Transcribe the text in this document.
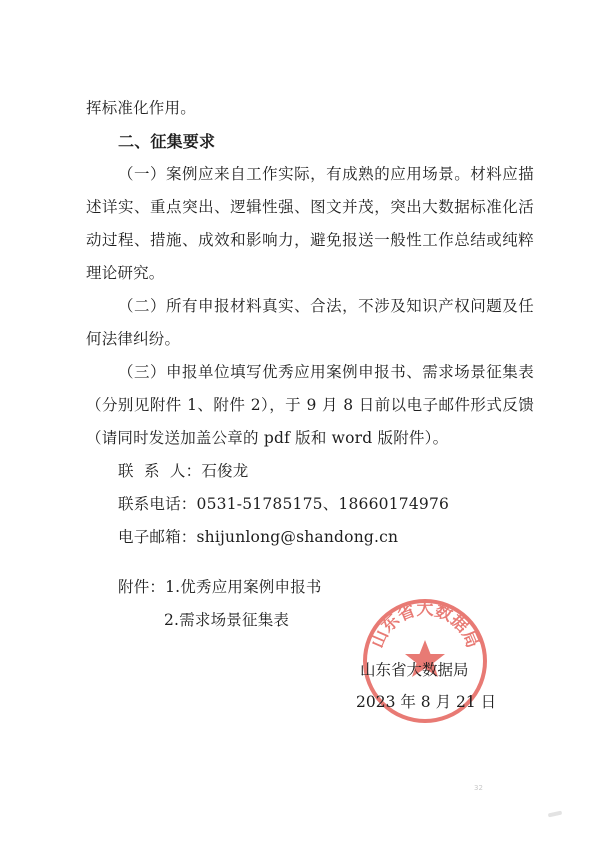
挥标准化作用。
二、征集要求
（一）案例应来自工作实际，有成熟的应用场景。材料应描
述详实、重点突出、逻辑性强、图文并茂，突出大数据标准化活
动过程、措施、成效和影响力，避免报送一般性工作总结或纯粹
理论研究。
（二）所有申报材料真实、合法，不涉及知识产权问题及任
何法律纠纷。
（三）申报单位填写优秀应用案例申报书、需求场景征集表
（分别见附件 1、附件 2），于 9 月 8 日前以电子邮件形式反馈
（请同时发送加盖公章的 pdf 版和 word 版附件）。
联  系  人：石俊龙
联系电话：0531-51785175、18660174976
电子邮箱：shijunlong@shandong.cn
附件：1.优秀应用案例申报书
2.需求场景征集表
山东省大数据局
山东省大数据局
2023 年 8 月 21 日
32
